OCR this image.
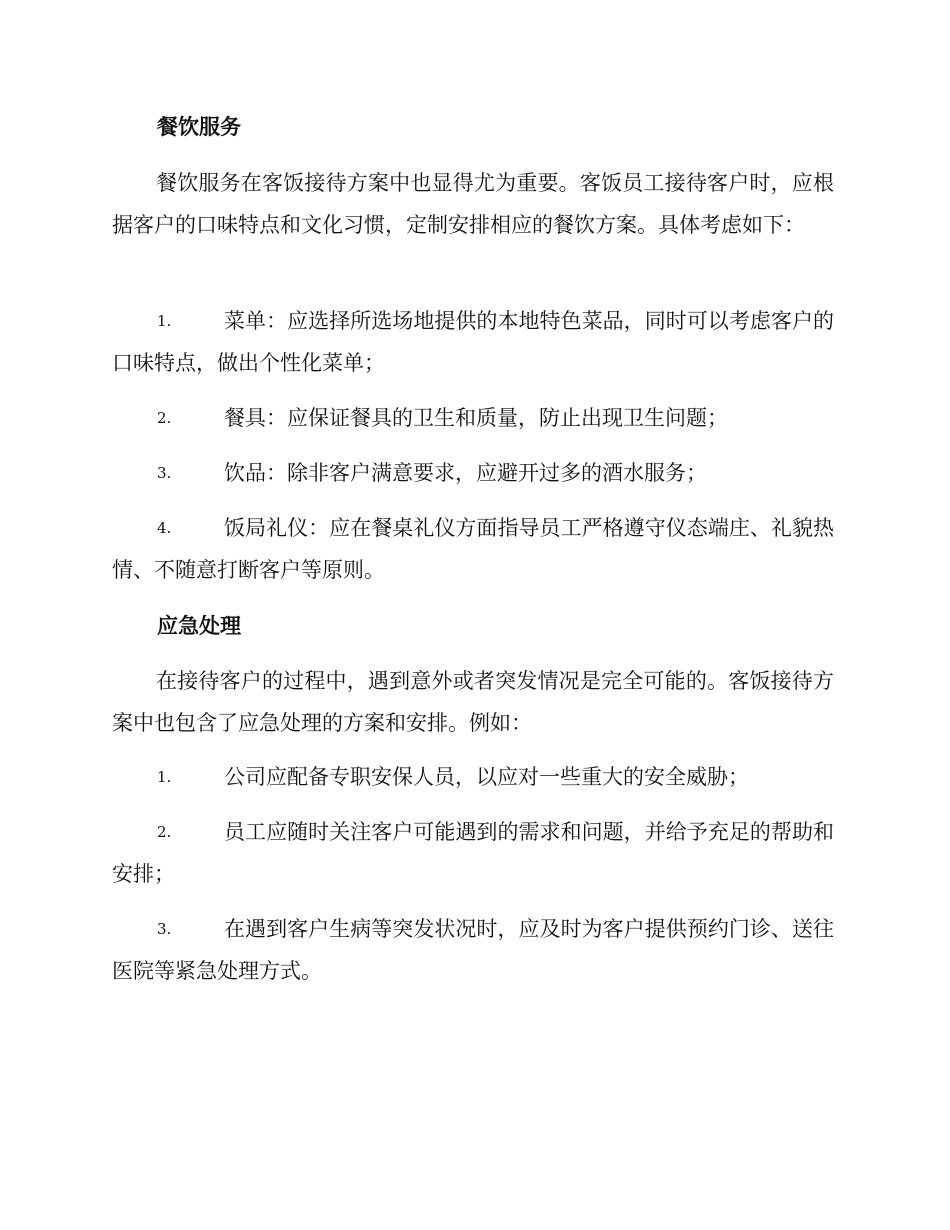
餐饮服务
餐饮服务在客饭接待方案中也显得尤为重要。客饭员工接待客户时，应根据客户的口味特点和文化习惯，定制安排相应的餐饮方案。具体考虑如下：
1.	菜单：应选择所选场地提供的本地特色菜品，同时可以考虑客户的口味特点，做出个性化菜单；
2.	餐具：应保证餐具的卫生和质量，防止出现卫生问题；
3.	饮品：除非客户满意要求，应避开过多的酒水服务；
4.	饭局礼仪：应在餐桌礼仪方面指导员工严格遵守仪态端庄、礼貌热情、不随意打断客户等原则。
应急处理
在接待客户的过程中，遇到意外或者突发情况是完全可能的。客饭接待方案中也包含了应急处理的方案和安排。例如：
1.	公司应配备专职安保人员，以应对一些重大的安全威胁；
2.	员工应随时关注客户可能遇到的需求和问题，并给予充足的帮助和安排；
3.	在遇到客户生病等突发状况时，应及时为客户提供预约门诊、送往医院等紧急处理方式。
